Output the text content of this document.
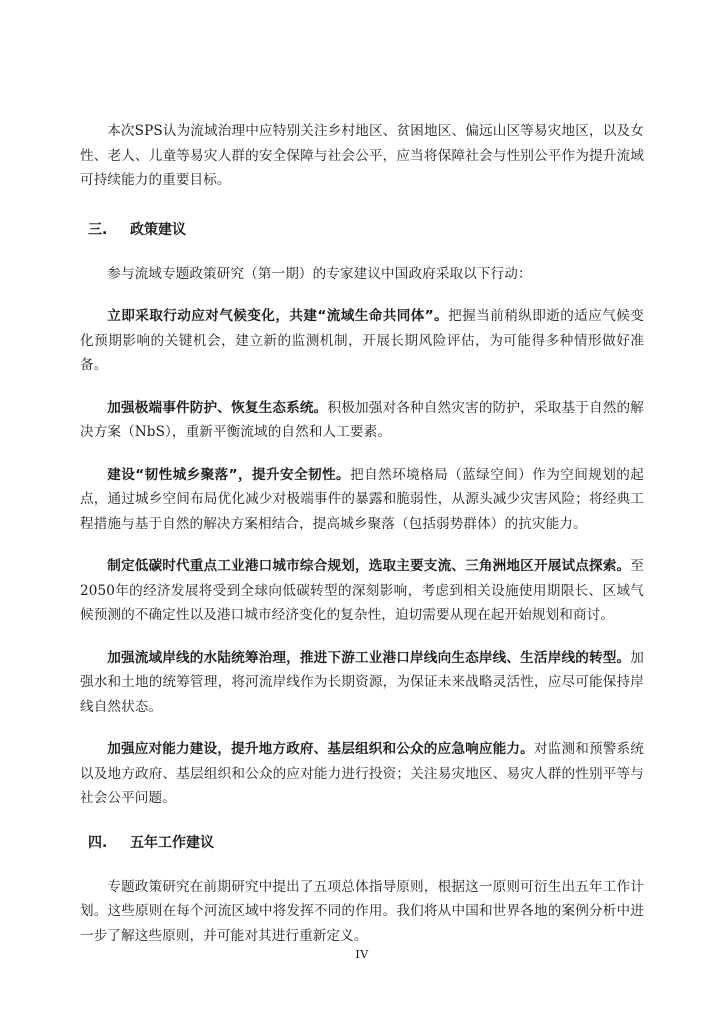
本次SPS认为流域治理中应特别关注乡村地区、贫困地区、偏远山区等易灾地区，以及女性、老人、儿童等易灾人群的安全保障与社会公平，应当将保障社会与性别公平作为提升流域可持续能力的重要目标。

三. 政策建议

参与流域专题政策研究（第一期）的专家建议中国政府采取以下行动：

立即采取行动应对气候变化，共建“流域生命共同体”。把握当前稍纵即逝的适应气候变化预期影响的关键机会，建立新的监测机制，开展长期风险评估，为可能得多种情形做好准备。

加强极端事件防护、恢复生态系统。积极加强对各种自然灾害的防护，采取基于自然的解决方案（NbS），重新平衡流域的自然和人工要素。

建设“韧性城乡聚落”，提升安全韧性。把自然环境格局（蓝绿空间）作为空间规划的起点，通过城乡空间布局优化减少对极端事件的暴露和脆弱性，从源头减少灾害风险；将经典工程措施与基于自然的解决方案相结合，提高城乡聚落（包括弱势群体）的抗灾能力。

制定低碳时代重点工业港口城市综合规划，选取主要支流、三角洲地区开展试点探索。至2050年的经济发展将受到全球向低碳转型的深刻影响，考虑到相关设施使用期限长、区域气候预测的不确定性以及港口城市经济变化的复杂性，迫切需要从现在起开始规划和商讨。

加强流域岸线的水陆统筹治理，推进下游工业港口岸线向生态岸线、生活岸线的转型。加强水和土地的统筹管理，将河流岸线作为长期资源，为保证未来战略灵活性，应尽可能保持岸线自然状态。

加强应对能力建设，提升地方政府、基层组织和公众的应急响应能力。对监测和预警系统以及地方政府、基层组织和公众的应对能力进行投资；关注易灾地区、易灾人群的性别平等与社会公平问题。

四. 五年工作建议

专题政策研究在前期研究中提出了五项总体指导原则，根据这一原则可衍生出五年工作计划。这些原则在每个河流区域中将发挥不同的作用。我们将从中国和世界各地的案例分析中进一步了解这些原则，并可能对其进行重新定义。

IV
